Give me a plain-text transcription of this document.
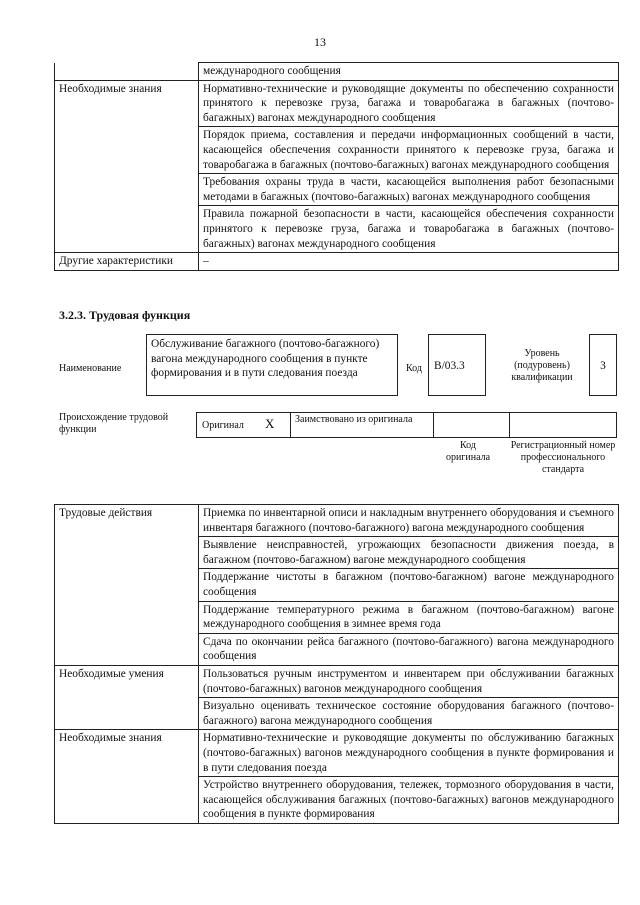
13
	международного сообщения
Необходимые знания	Нормативно-технические и руководящие документы по обеспечению сохранности принятого к перевозке груза, багажа и товаробагажа в багажных (почтово-багажных) вагонах международного сообщения
	Порядок приема, составления и передачи информационных сообщений в части, касающейся обеспечения сохранности принятого к перевозке груза, багажа и товаробагажа в багажных (почтово-багажных) вагонах международного сообщения
	Требования охраны труда в части, касающейся выполнения работ безопасными методами в багажных (почтово-багажных) вагонах международного сообщения
	Правила пожарной безопасности в части, касающейся обеспечения сохранности принятого к перевозке груза, багажа и товаробагажа в багажных (почтово-багажных) вагонах международного сообщения
Другие характеристики	–
3.2.3. Трудовая функция
Наименование
Обслуживание багажного (почтово-багажного) вагона международного сообщения в пункте формирования и в пути следования поезда	Код	В/03.3
Уровень (подуровень) квалификации
3
Происхождение трудовой функции	Оригинал X Заимствовано из оригинала
Код оригинала
Регистрационный номер профессионального стандарта
Трудовые действия	Приемка по инвентарной описи и накладным внутреннего оборудования и съемного инвентаря багажного (почтово-багажного) вагона международного сообщения
	Выявление неисправностей, угрожающих безопасности движения поезда, в багажном (почтово-багажном) вагоне международного сообщения
	Поддержание чистоты в багажном (почтово-багажном) вагоне международного сообщения
	Поддержание температурного режима в багажном (почтово-багажном) вагоне международного сообщения в зимнее время года
	Сдача по окончании рейса багажного (почтово-багажного) вагона международного сообщения
Необходимые умения	Пользоваться ручным инструментом и инвентарем при обслуживании багажных (почтово-багажных) вагонов международного сообщения
	Визуально оценивать техническое состояние оборудования багажного (почтово-багажного) вагона международного сообщения
Необходимые знания	Нормативно-технические и руководящие документы по обслуживанию багажных (почтово-багажных) вагонов международного сообщения в пункте формирования и в пути следования поезда
	Устройство внутреннего оборудования, тележек, тормозного оборудования в части, касающейся обслуживания багажных (почтово-багажных) вагонов международного сообщения в пункте формирования
